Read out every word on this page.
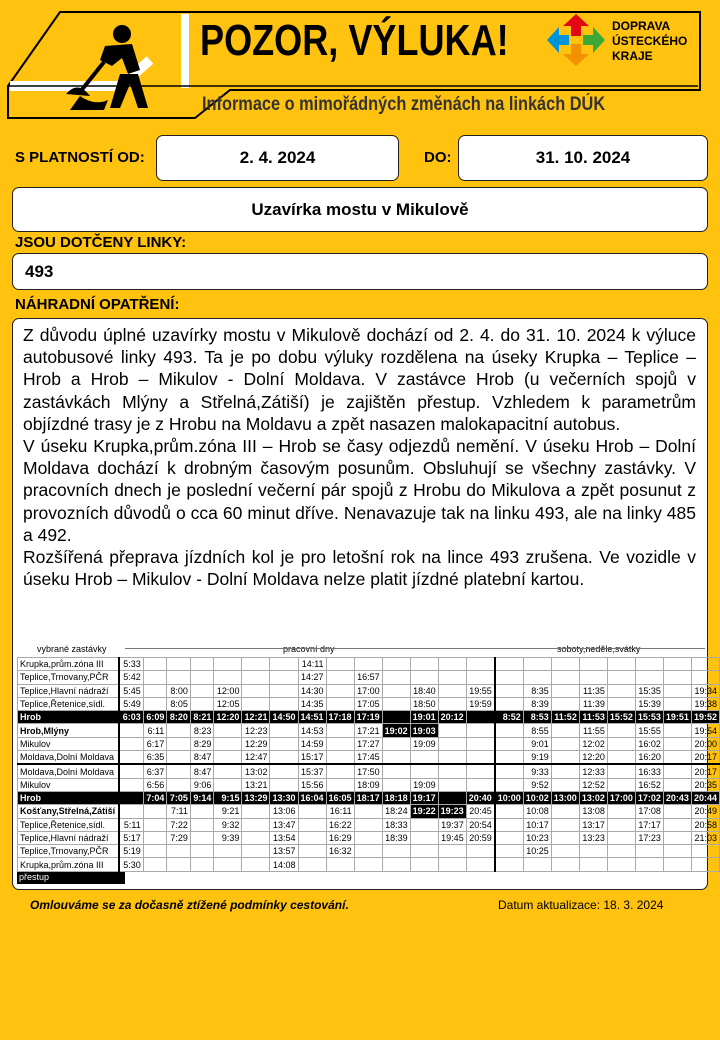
POZOR, VÝLUKA!	DOPRAVA
ÚSTECKÉHO
KRAJE
Informace o mimořádných změnách na linkách DÚK
S PLATNOSTÍ OD:	2. 4. 2024	DO:	31. 10. 2024
Uzavírka mostu v Mikulově
JSOU DOTČENY LINKY:
493
NÁHRADNÍ OPATŘENÍ:

Z důvodu úplné uzavírky mostu v Mikulově dochází od 2. 4. do 31. 10. 2024 k výluce autobusové linky 493. Ta je po dobu výluky rozdělena na úseky Krupka – Teplice – Hrob a Hrob – Mikulov - Dolní Moldava. V zastávce Hrob (u večerních spojů v zastávkách Mlýny a Střelná,Zátiší) je zajištěn přestup. Vzhledem k parametrům objízdné trasy je z Hrobu na Moldavu a zpět nasazen malokapacitní autobus.

V úseku Krupka,prům.zóna III – Hrob se časy odjezdů nemění. V úseku Hrob – Dolní Moldava dochází k drobným časovým posunům. Obsluhují se všechny zastávky. V pracovních dnech je poslední večerní pár spojů z Hrobu do Mikulova a zpět posunut z provozních důvodů o cca 60 minut dříve. Nenavazuje tak na linku 493, ale na linky 485 a 492.

Rozšířená přeprava jízdních kol je pro letošní rok na lince 493 zrušena. Ve vozidle v úseku Hrob – Mikulov - Dolní Moldava nelze platit jízdné platební kartou.

vybrané zastávky	pracovní dny	soboty,neděle,svátky
Krupka,prům.zóna III	5:33							14:11														
Teplice,Trnovany,PČR	5:42							14:27		16:57												
Teplice,Hlavní nádraží	5:45		8:00		12:00			14:30		17:00		18:40		19:55		8:35		11:35		15:35		19:34
Teplice,Řetenice,sídl.	5:49		8:05		12:05			14:35		17:05		18:50		19:59		8:39		11:39		15:39		19:38
Hrob	6:03	6:09	8:20	8:21	12:20	12:21	14:50	14:51	17:18	17:19		19:01	20:12		8:52	8:53	11:52	11:53	15:52	15:53	19:51	19:52
Hrob,Mlýny		6:11		8:23		12:23		14:53		17:21	19:02	19:03				8:55		11:55		15:55		19:54
Mikulov		6:17		8:29		12:29		14:59		17:27		19:09				9:01		12:02		16:02		20:00
Moldava,Dolní Moldava		6:35		8:47		12:47		15:17		17:45						9:19		12:20		16:20		20:17
Moldava,Dolní Moldava		6:37		8:47		13:02		15:37		17:50						9:33		12:33		16:33		20:17
Mikulov		6:56		9:06		13:21		15:56		18:09		19:09				9:52		12:52		16:52		20:35
Hrob		7:04	7:05	9:14	9:15	13:29	13:30	16:04	16:05	18:17	18:18	19:17		20:40	10:00	10:02	13:00	13:02	17:00	17:02	20:43	20:44
Košťany,Střelná,Zátiší			7:11		9:21		13:06		16:11		18:24	19:22	19:23	20:45		10:08		13:08		17:08		20:49
Teplice,Řetenice,sídl.	5:11		7:22		9:32		13:47		16:22		18:33		19:37	20:54		10:17		13:17		17:17		20:58
Teplice,Hlavní nádraží	5:17		7:29		9:39		13:54		16:29		18:39		19:45	20:59		10:23		13:23		17:23		21:03
Teplice,Trnovany,PČR	5:19						13:57		16:32							10:25						
Krupka,prům.zóna III	5:30						14:08															
přestup
Omlouváme se za dočasně ztížené podmínky cestování.	Datum aktualizace: 18. 3. 2024
